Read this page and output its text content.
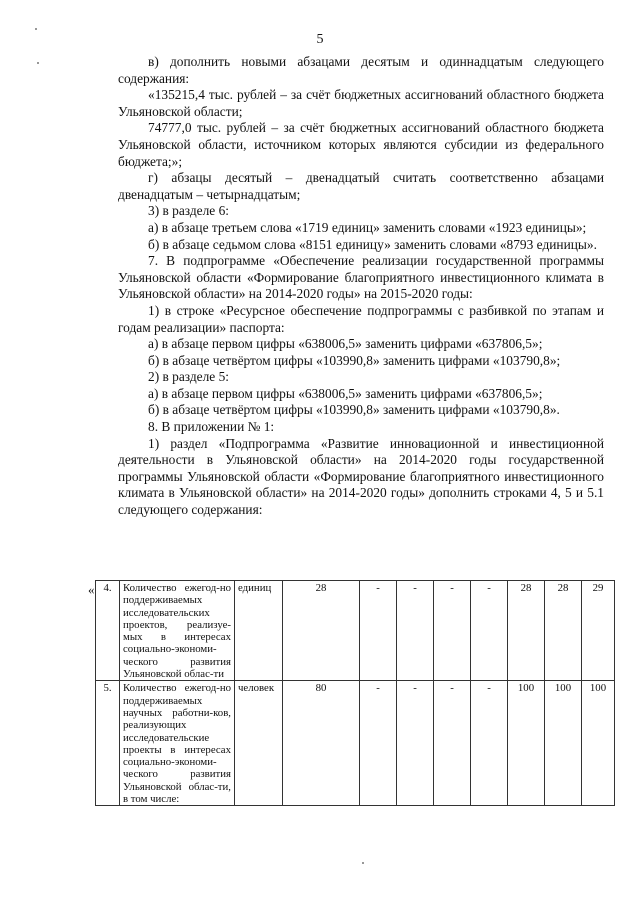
5

в) дополнить новыми абзацами десятым и одиннадцатым следующего содержания:

«135215,4 тыс. рублей – за счёт бюджетных ассигнований областного бюджета Ульяновской области;

74777,0 тыс. рублей – за счёт бюджетных ассигнований областного бюджета Ульяновской области, источником которых являются субсидии из федерального бюджета;»;

г) абзацы десятый – двенадцатый считать соответственно абзацами двенадцатым – четырнадцатым;

3) в разделе 6:

а) в абзаце третьем слова «1719 единиц» заменить словами «1923 единицы»;

б) в абзаце седьмом слова «8151 единицу» заменить словами «8793 единицы».

7. В подпрограмме «Обеспечение реализации государственной программы Ульяновской области «Формирование благоприятного инвестиционного климата в Ульяновской области» на 2014-2020 годы» на 2015-2020 годы:

1) в строке «Ресурсное обеспечение подпрограммы с разбивкой по этапам и годам реализации» паспорта:

а) в абзаце первом цифры «638006,5» заменить цифрами «637806,5»;

б) в абзаце четвёртом цифры «103990,8» заменить цифрами «103790,8»;

2) в разделе 5:

а) в абзаце первом цифры «638006,5» заменить цифрами «637806,5»;

б) в абзаце четвёртом цифры «103990,8» заменить цифрами «103790,8».

8. В приложении № 1:

1) раздел «Подпрограмма «Развитие инновационной и инвестиционной деятельности в Ульяновской области» на 2014-2020 годы государственной программы Ульяновской области «Формирование благоприятного инвестиционного климата в Ульяновской области» на 2014-2020 годы» дополнить строками 4, 5 и 5.1 следующего содержания:

« 4.	Количество ежегод-но поддерживаемых исследовательских проектов, реализуе-мых в интересах социально-экономи-ческого развития Ульяновской облас-ти	единиц	28	-	-	-	-	28	28	29
5.	Количество ежегод-но поддерживаемых научных работни-ков, реализующих исследовательские проекты в интересах социально-экономи-ческого развития Ульяновской облас-ти, в том числе:	человек	80	-	-	-	-	100	100	100
